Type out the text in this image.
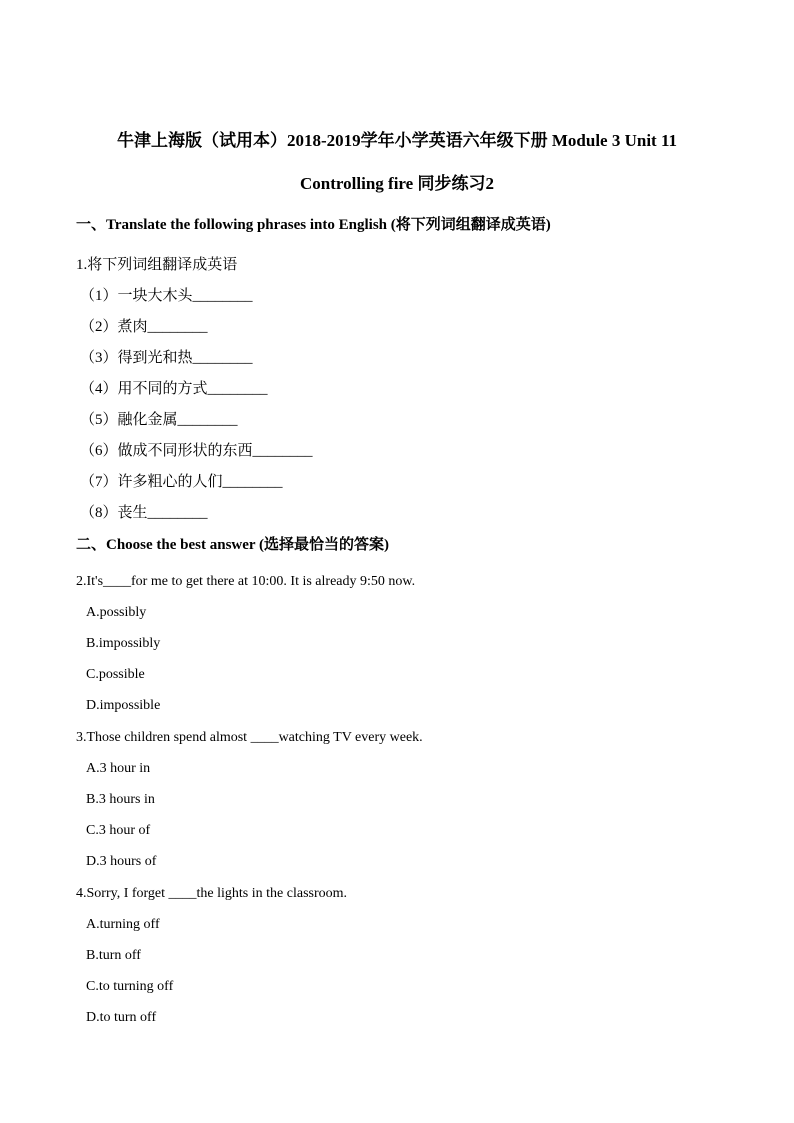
牛津上海版（试用本）2018-2019学年小学英语六年级下册 Module 3 Unit 11
Controlling fire 同步练习2
一、Translate the following phrases into English (将下列词组翻译成英语)
1.将下列词组翻译成英语
（1）一块大木头________
（2）煮肉________
（3）得到光和热________
（4）用不同的方式________
（5）融化金属________
（6）做成不同形状的东西________
（7）许多粗心的人们________
（8）丧生________
二、Choose the best answer (选择最恰当的答案)
2.It's____for me to get there at 10:00. It is already 9:50 now.
A.possibly
B.impossibly
C.possible
D.impossible
3.Those children spend almost ____watching TV every week.
A.3 hour in
B.3 hours in
C.3 hour of
D.3 hours of
4.Sorry, I forget ____the lights in the classroom.
A.turning off
B.turn off
C.to turning off
D.to turn off
